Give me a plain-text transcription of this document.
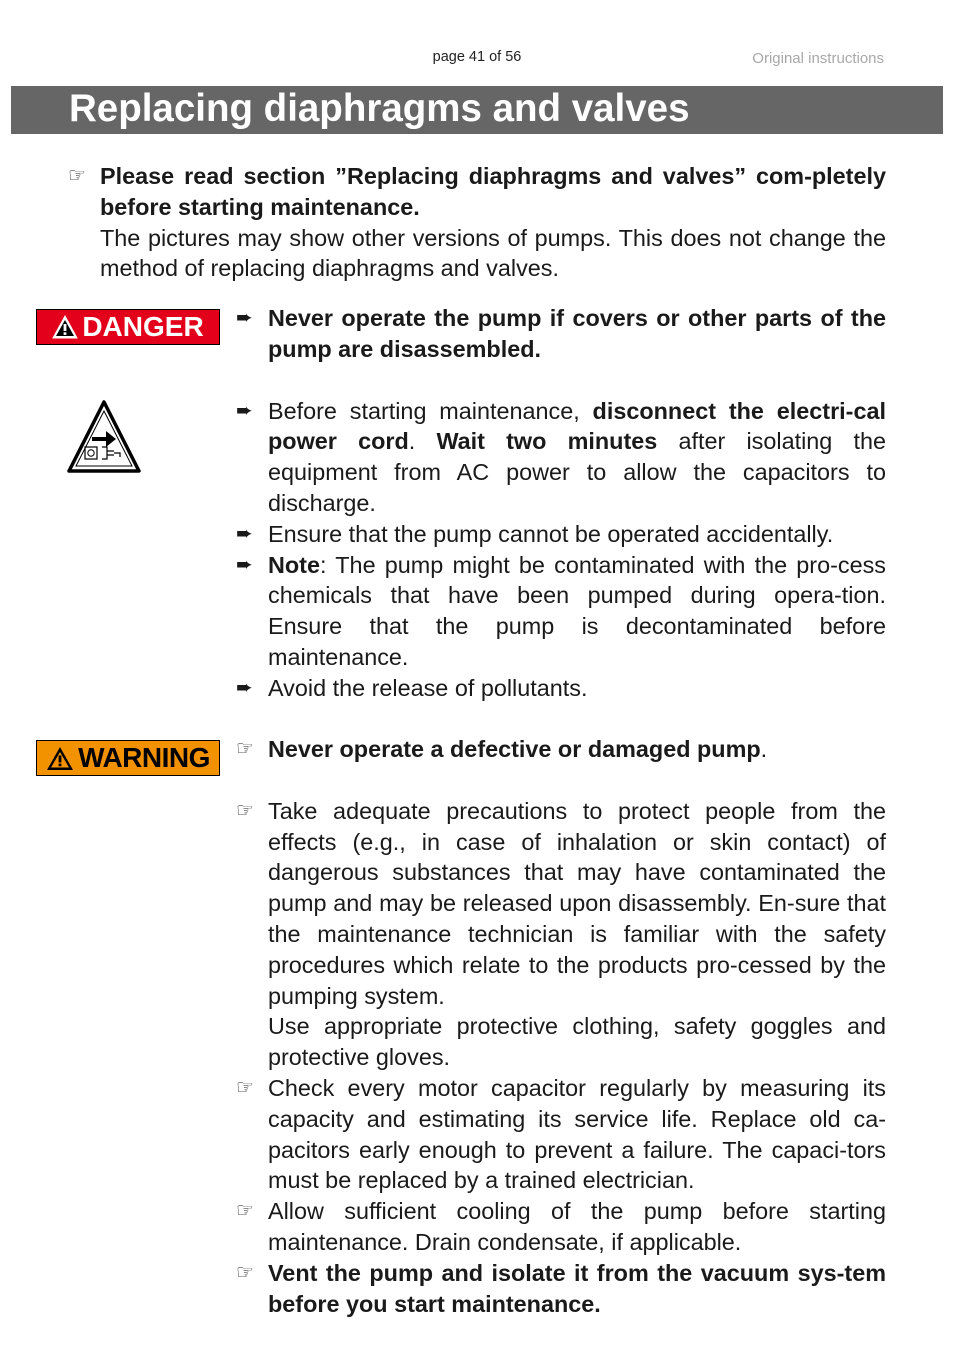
page 41 of 56	Original instructions
Replacing diaphragms and valves
☞ Please read section ”Replacing diaphragms and valves” com-pletely before starting maintenance.
The pictures may show other versions of pumps. This does not change the method of replacing diaphragms and valves.
DANGER ➨ Never operate the pump if covers or other parts of the pump are disassembled.
➨ Before starting maintenance, disconnect the electri-cal power cord. Wait two minutes after isolating the equipment from AC power to allow the capacitors to discharge.
➨ Ensure that the pump cannot be operated accidentally.
➨ Note: The pump might be contaminated with the pro-cess chemicals that have been pumped during opera-tion. Ensure that the pump is decontaminated before maintenance.
➨ Avoid the release of pollutants.
WARNING ☞ Never operate a defective or damaged pump.
☞ Take adequate precautions to protect people from the effects (e.g., in case of inhalation or skin contact) of dangerous substances that may have contaminated the pump and may be released upon disassembly. En-sure that the maintenance technician is familiar with the safety procedures which relate to the products pro-cessed by the pumping system.
Use appropriate protective clothing, safety goggles and protective gloves.
☞ Check every motor capacitor regularly by measuring its capacity and estimating its service life. Replace old ca-pacitors early enough to prevent a failure. The capaci-tors must be replaced by a trained electrician.
☞ Allow sufficient cooling of the pump before starting maintenance. Drain condensate, if applicable.
☞ Vent the pump and isolate it from the vacuum sys-tem before you start maintenance.
